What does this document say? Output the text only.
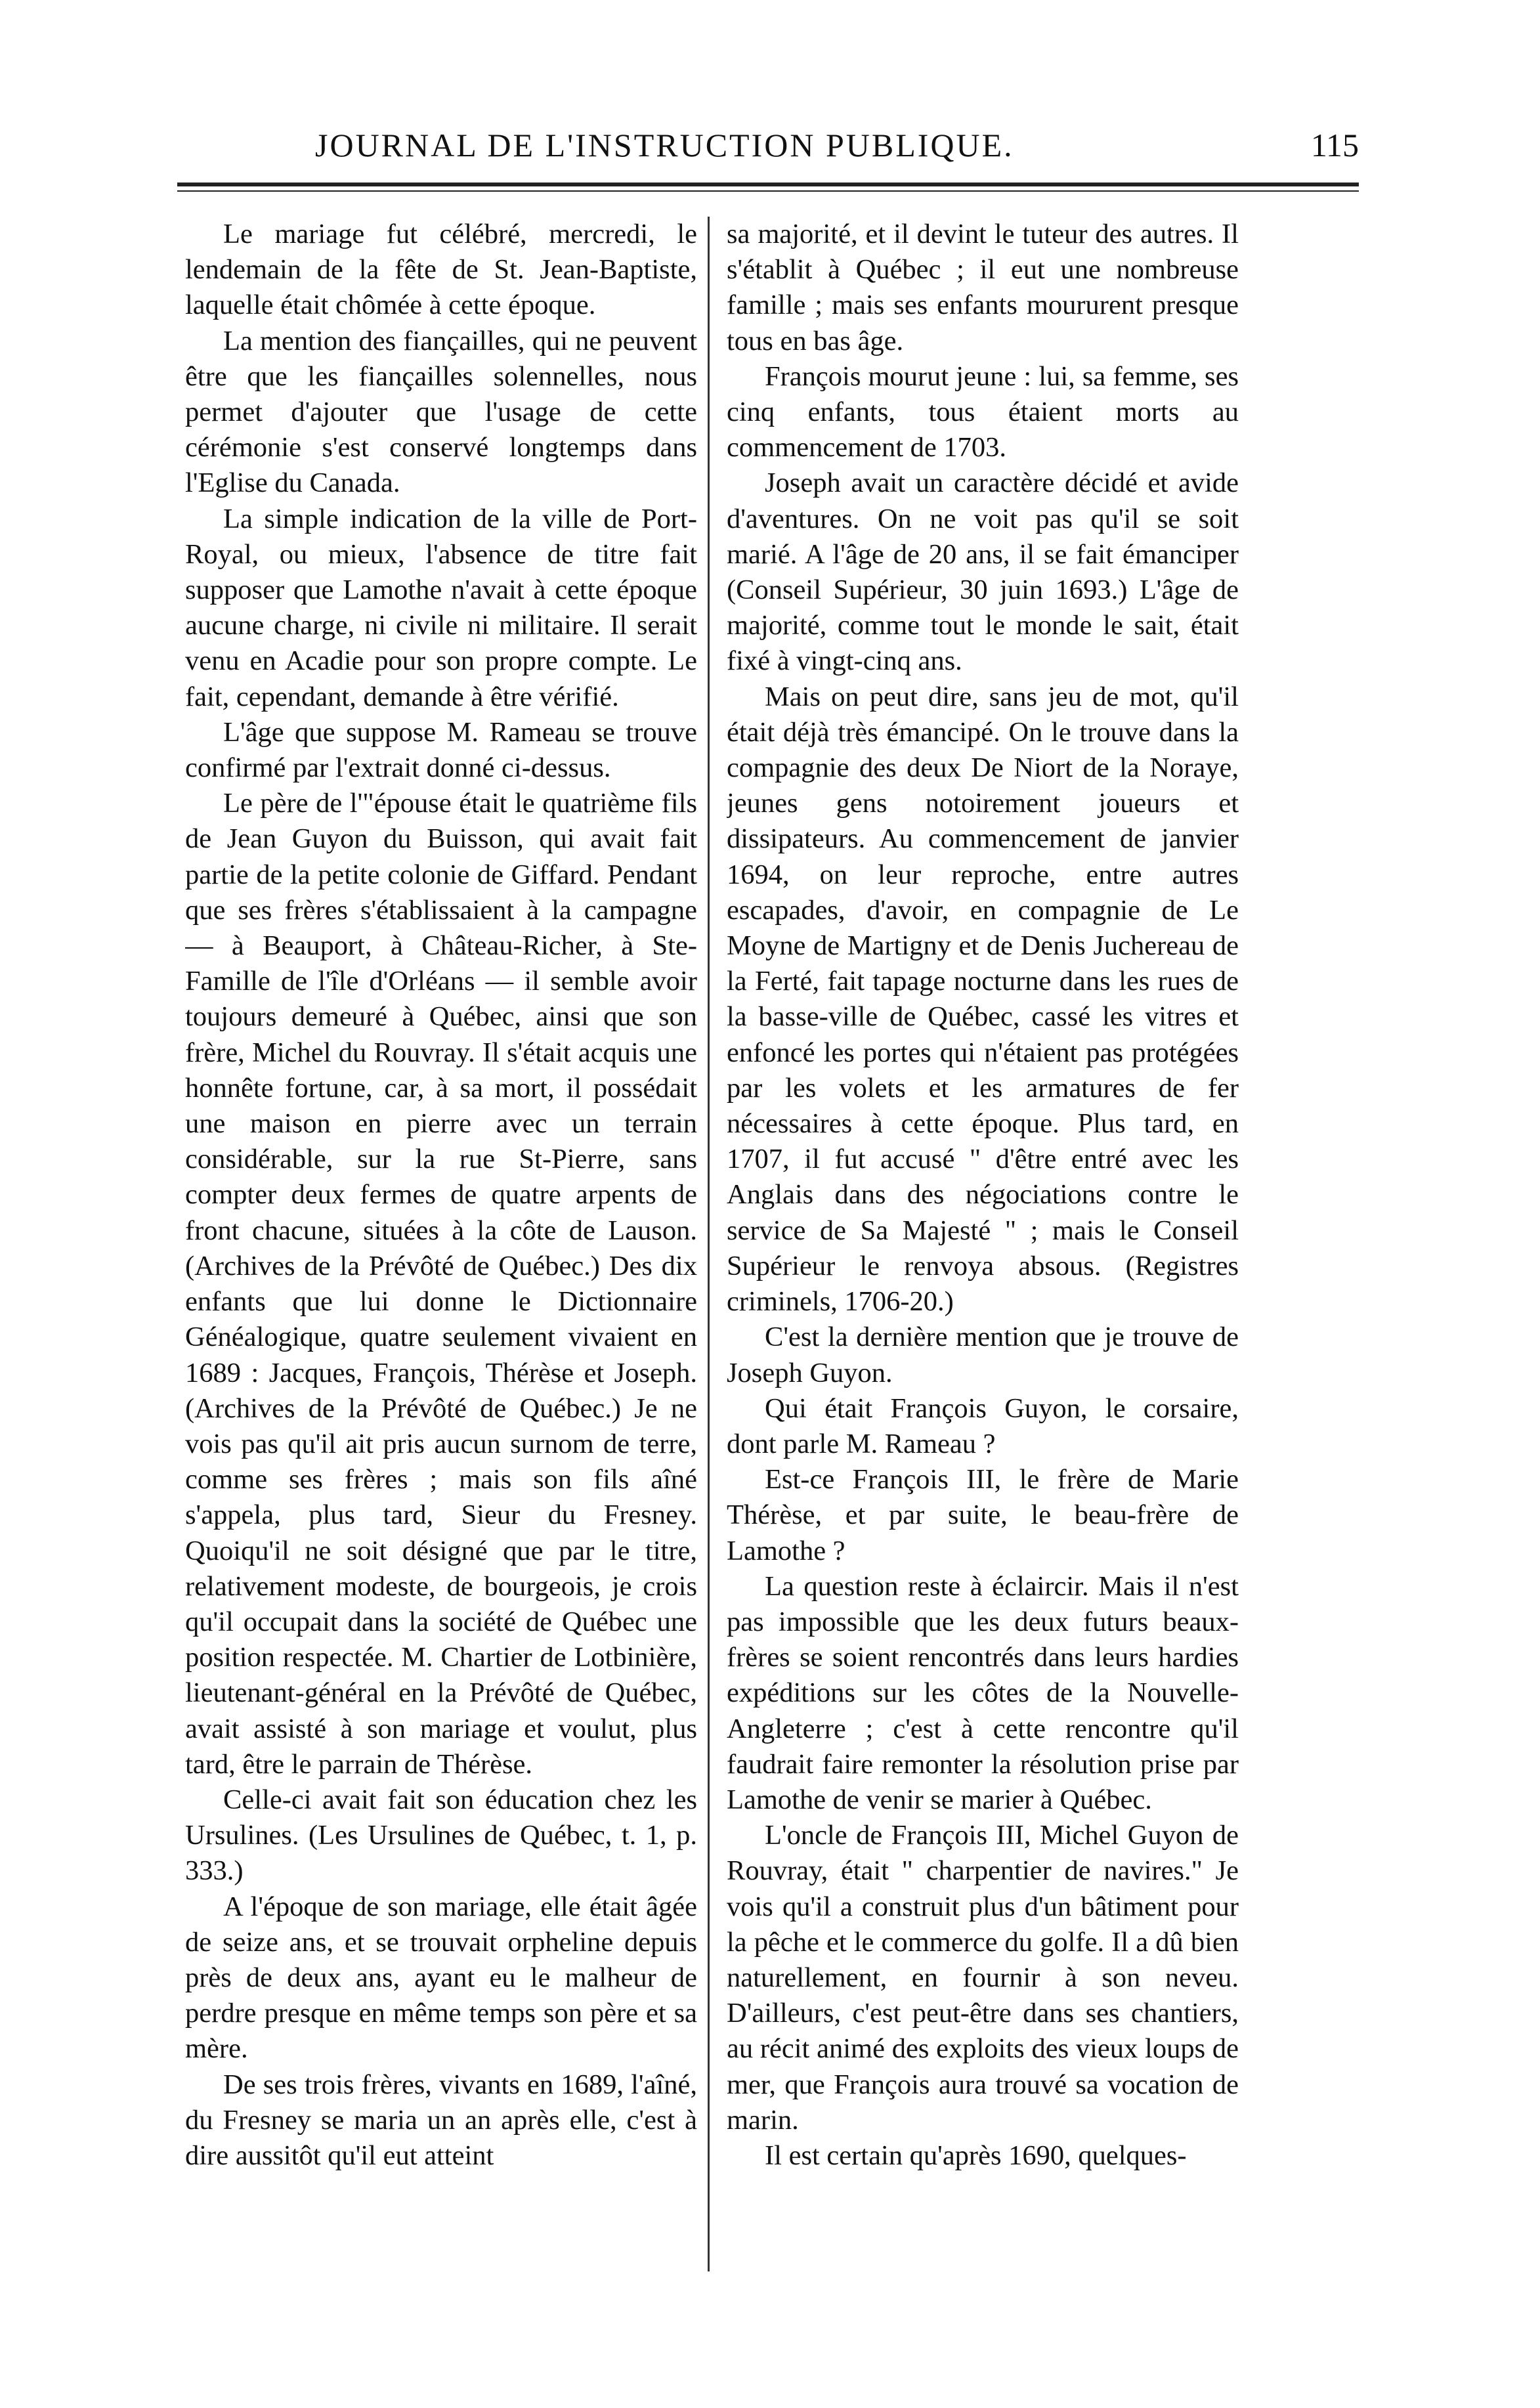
JOURNAL DE L'INSTRUCTION PUBLIQUE.	115

Le mariage fut célébré, mercredi, le lendemain de la fête de St. Jean-Baptiste, laquelle était chômée à cette époque.

La mention des fiançailles, qui ne peuvent être que les fiançailles solennelles, nous permet d'ajouter que l'usage de cette cérémonie s'est conservé longtemps dans l'Eglise du Canada.

La simple indication de la ville de Port-Royal, ou mieux, l'absence de titre fait supposer que Lamothe n'avait à cette époque aucune charge, ni civile ni militaire. Il serait venu en Acadie pour son propre compte. Le fait, cependant, demande à être vérifié.

L'âge que suppose M. Rameau se trouve confirmé par l'extrait donné ci-dessus.

Le père de l'"épouse était le quatrième fils de Jean Guyon du Buisson, qui avait fait partie de la petite colonie de Giffard. Pendant que ses frères s'établissaient à la campagne — à Beauport, à Château-Richer, à Ste-Famille de l'île d'Orléans — il semble avoir toujours demeuré à Québec, ainsi que son frère, Michel du Rouvray. Il s'était acquis une honnête fortune, car, à sa mort, il possédait une maison en pierre avec un terrain considérable, sur la rue St-Pierre, sans compter deux fermes de quatre arpents de front chacune, situées à la côte de Lauson. (Archives de la Prévôté de Québec.) Des dix enfants que lui donne le Dictionnaire Généalogique, quatre seulement vivaient en 1689 : Jacques, François, Thérèse et Joseph. (Archives de la Prévôté de Québec.) Je ne vois pas qu'il ait pris aucun surnom de terre, comme ses frères ; mais son fils aîné s'appela, plus tard, Sieur du Fresney. Quoiqu'il ne soit désigné que par le titre, relativement modeste, de bourgeois, je crois qu'il occupait dans la société de Québec une position respectée. M. Chartier de Lotbinière, lieutenant-général en la Prévôté de Québec, avait assisté à son mariage et voulut, plus tard, être le parrain de Thérèse.

Celle-ci avait fait son éducation chez les Ursulines. (Les Ursulines de Québec, t. 1, p. 333.)

A l'époque de son mariage, elle était âgée de seize ans, et se trouvait orpheline depuis près de deux ans, ayant eu le malheur de perdre presque en même temps son père et sa mère.

De ses trois frères, vivants en 1689, l'aîné, du Fresney se maria un an après elle, c'est à dire aussitôt qu'il eut atteint

sa majorité, et il devint le tuteur des autres. Il s'établit à Québec ; il eut une nombreuse famille ; mais ses enfants moururent presque tous en bas âge.

François mourut jeune : lui, sa femme, ses cinq enfants, tous étaient morts au commencement de 1703.

Joseph avait un caractère décidé et avide d'aventures. On ne voit pas qu'il se soit marié. A l'âge de 20 ans, il se fait émanciper (Conseil Supérieur, 30 juin 1693.) L'âge de majorité, comme tout le monde le sait, était fixé à vingt-cinq ans.

Mais on peut dire, sans jeu de mot, qu'il était déjà très émancipé. On le trouve dans la compagnie des deux De Niort de la Noraye, jeunes gens notoirement joueurs et dissipateurs. Au commencement de janvier 1694, on leur reproche, entre autres escapades, d'avoir, en compagnie de Le Moyne de Martigny et de Denis Juchereau de la Ferté, fait tapage nocturne dans les rues de la basse-ville de Québec, cassé les vitres et enfoncé les portes qui n'étaient pas protégées par les volets et les armatures de fer nécessaires à cette époque. Plus tard, en 1707, il fut accusé " d'être entré avec les Anglais dans des négociations contre le service de Sa Majesté " ; mais le Conseil Supérieur le renvoya absous. (Registres criminels, 1706-20.)

C'est la dernière mention que je trouve de Joseph Guyon.

Qui était François Guyon, le corsaire, dont parle M. Rameau ?

Est-ce François III, le frère de Marie Thérèse, et par suite, le beau-frère de Lamothe ?

La question reste à éclaircir. Mais il n'est pas impossible que les deux futurs beaux-frères se soient rencontrés dans leurs hardies expéditions sur les côtes de la Nouvelle-Angleterre ; c'est à cette rencontre qu'il faudrait faire remonter la résolution prise par Lamothe de venir se marier à Québec.

L'oncle de François III, Michel Guyon de Rouvray, était " charpentier de navires." Je vois qu'il a construit plus d'un bâtiment pour la pêche et le commerce du golfe. Il a dû bien naturellement, en fournir à son neveu. D'ailleurs, c'est peut-être dans ses chantiers, au récit animé des exploits des vieux loups de mer, que François aura trouvé sa vocation de marin.

Il est certain qu'après 1690, quelques-
